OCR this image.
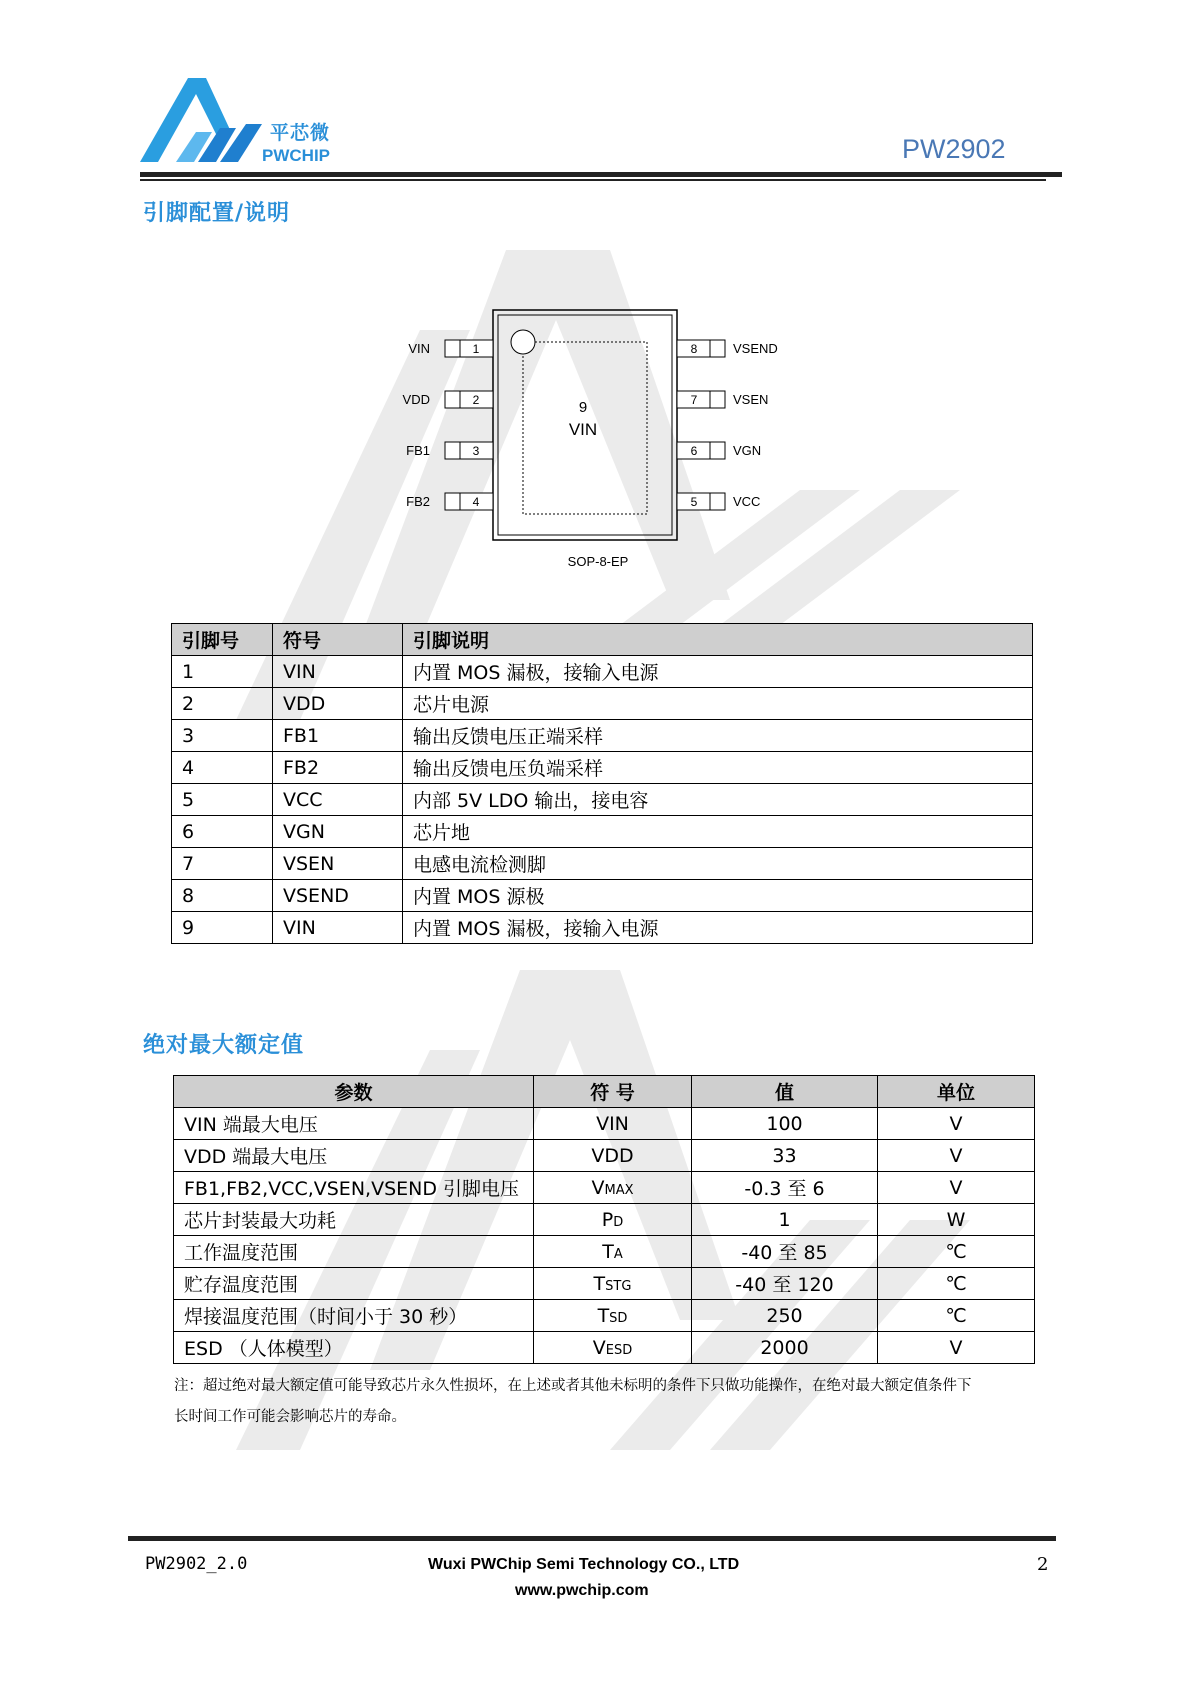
平芯微
PWCHIP	PW2902
引脚配置/说明
9
VIN
1
VIN
2
VDD
3
FB1
4
FB2
8	VSEND
7	VSEN
6	VGN
5	VCC
SOP-8-EP
引脚号	符号	引脚说明
1	VIN	内置 MOS 漏极，接输入电源
2	VDD	芯片电源
3	FB1	输出反馈电压正端采样
4	FB2	输出反馈电压负端采样
5	VCC	内部 5V LDO 输出，接电容
6	VGN	芯片地
7	VSEN	电感电流检测脚
8	VSEND	内置 MOS 源极
9	VIN	内置 MOS 漏极，接输入电源
绝对最大额定值
参数	符 号	值	单位
VIN 端最大电压	VIN	100	V
VDD 端最大电压	VDD	33	V
FB1,FB2,VCC,VSEN,VSEND 引脚电压	VMAX	-0.3 至 6	V
芯片封装最大功耗	PD	1	W
工作温度范围	TA	-40 至 85	℃
贮存温度范围	TSTG	-40 至 120	℃
焊接温度范围（时间小于 30 秒）	TSD	250	℃
ESD （人体模型）	VESD	2000	V
注：超过绝对最大额定值可能导致芯片永久性损坏，在上述或者其他未标明的条件下只做功能操作，在绝对最大额定值条件下
长时间工作可能会影响芯片的寿命。
PW2902_2.0	Wuxi PWChip Semi Technology CO., LTD
www.pwchip.com
2
